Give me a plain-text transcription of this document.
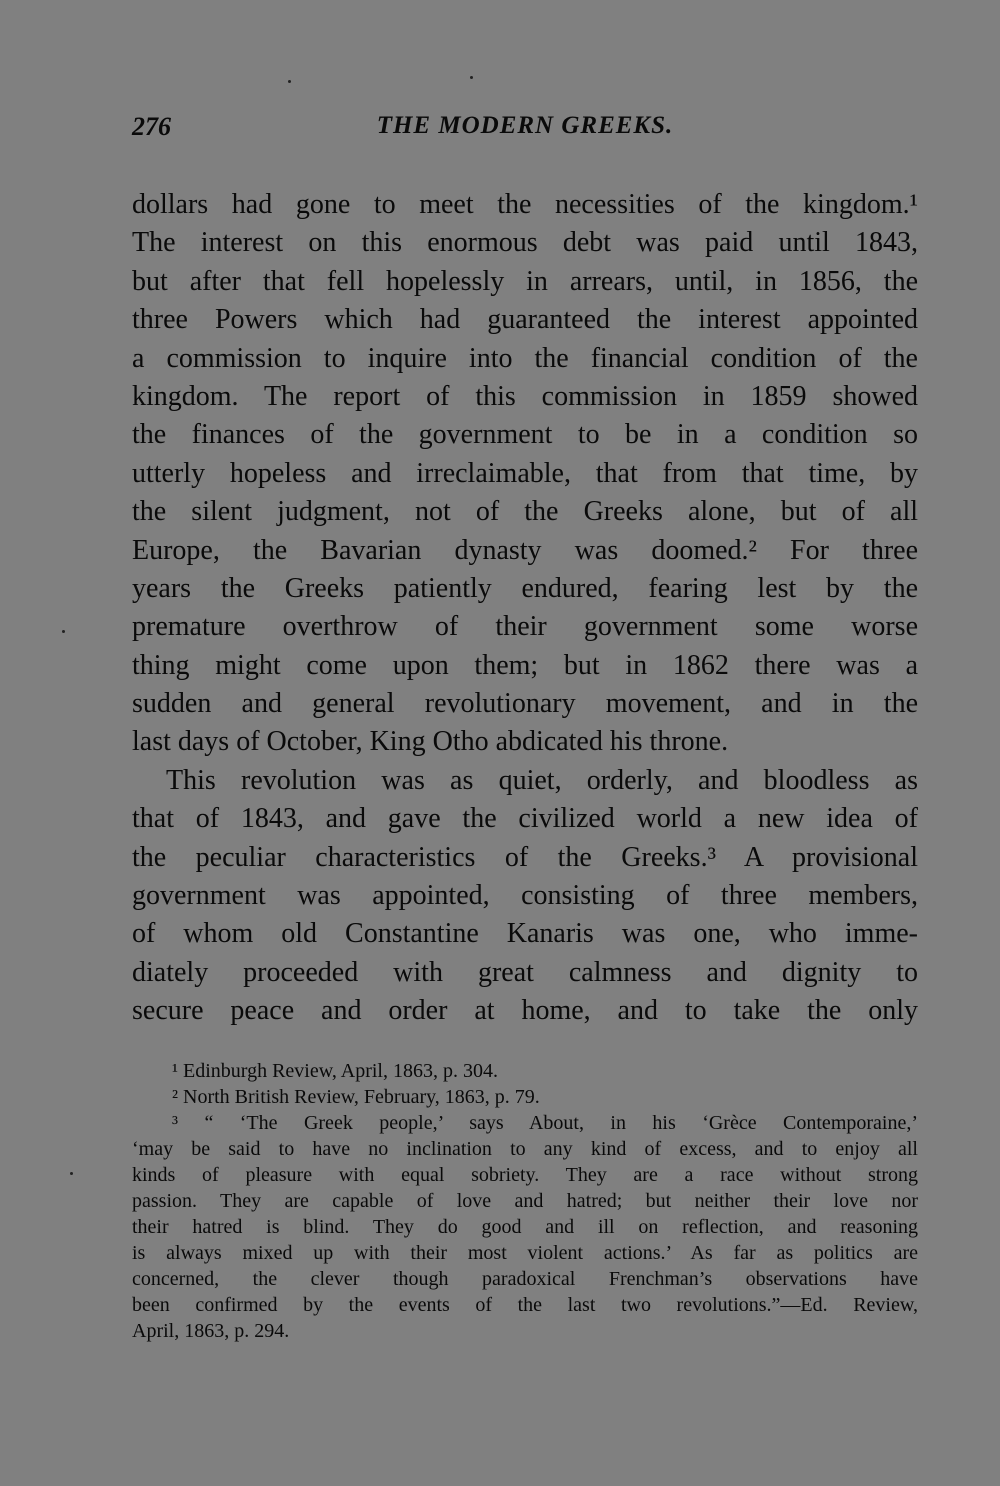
276	THE MODERN GREEKS.
dollars had gone to meet the necessities of the kingdom.¹
The interest on this enormous debt was paid until 1843,
but after that fell hopelessly in arrears, until, in 1856, the
three Powers which had guaranteed the interest appointed
a commission to inquire into the financial condition of the
kingdom. The report of this commission in 1859 showed
the finances of the government to be in a condition so
utterly hopeless and irreclaimable, that from that time, by
the silent judgment, not of the Greeks alone, but of all
Europe, the Bavarian dynasty was doomed.² For three
years the Greeks patiently endured, fearing lest by the
premature overthrow of their government some worse
thing might come upon them; but in 1862 there was a
sudden and general revolutionary movement, and in the
last days of October, King Otho abdicated his throne.
This revolution was as quiet, orderly, and bloodless as
that of 1843, and gave the civilized world a new idea of
the peculiar characteristics of the Greeks.³ A provisional
government was appointed, consisting of three members,
of whom old Constantine Kanaris was one, who imme-
diately proceeded with great calmness and dignity to
secure peace and order at home, and to take the only
¹ Edinburgh Review, April, 1863, p. 304.
² North British Review, February, 1863, p. 79.
³ “ ‘The Greek people,’ says About, in his ‘Grèce Contemporaine,’
‘may be said to have no inclination to any kind of excess, and to enjoy all
kinds of pleasure with equal sobriety. They are a race without strong
passion. They are capable of love and hatred; but neither their love nor
their hatred is blind. They do good and ill on reflection, and reasoning
is always mixed up with their most violent actions.’ As far as politics are
concerned, the clever though paradoxical Frenchman’s observations have
been confirmed by the events of the last two revolutions.”—Ed. Review,
April, 1863, p. 294.
